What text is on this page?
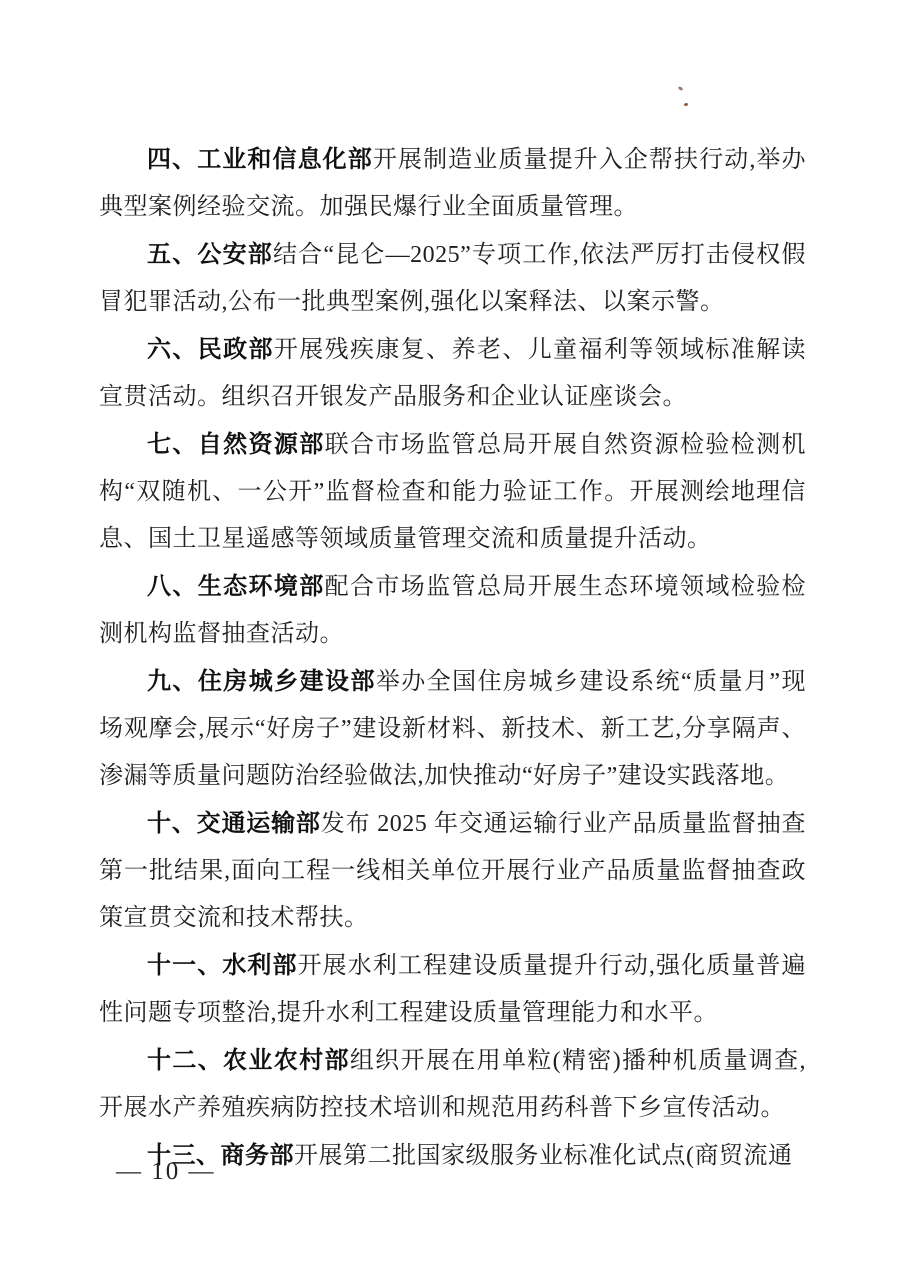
四、工业和信息化部开展制造业质量提升入企帮扶行动,举办典型案例经验交流。加强民爆行业全面质量管理。

五、公安部结合“昆仑—2025”专项工作,依法严厉打击侵权假冒犯罪活动,公布一批典型案例,强化以案释法、以案示警。

六、民政部开展残疾康复、养老、儿童福利等领域标准解读宣贯活动。组织召开银发产品服务和企业认证座谈会。

七、自然资源部联合市场监管总局开展自然资源检验检测机构“双随机、一公开”监督检查和能力验证工作。开展测绘地理信息、国土卫星遥感等领域质量管理交流和质量提升活动。

八、生态环境部配合市场监管总局开展生态环境领域检验检测机构监督抽查活动。

九、住房城乡建设部举办全国住房城乡建设系统“质量月”现场观摩会,展示“好房子”建设新材料、新技术、新工艺,分享隔声、渗漏等质量问题防治经验做法,加快推动“好房子”建设实践落地。

十、交通运输部发布 2025 年交通运输行业产品质量监督抽查第一批结果,面向工程一线相关单位开展行业产品质量监督抽查政策宣贯交流和技术帮扶。

十一、水利部开展水利工程建设质量提升行动,强化质量普遍性问题专项整治,提升水利工程建设质量管理能力和水平。

十二、农业农村部组织开展在用单粒(精密)播种机质量调查,开展水产养殖疾病防控技术培训和规范用药科普下乡宣传活动。

十三、商务部开展第二批国家级服务业标准化试点(商贸流通

— 10 —
